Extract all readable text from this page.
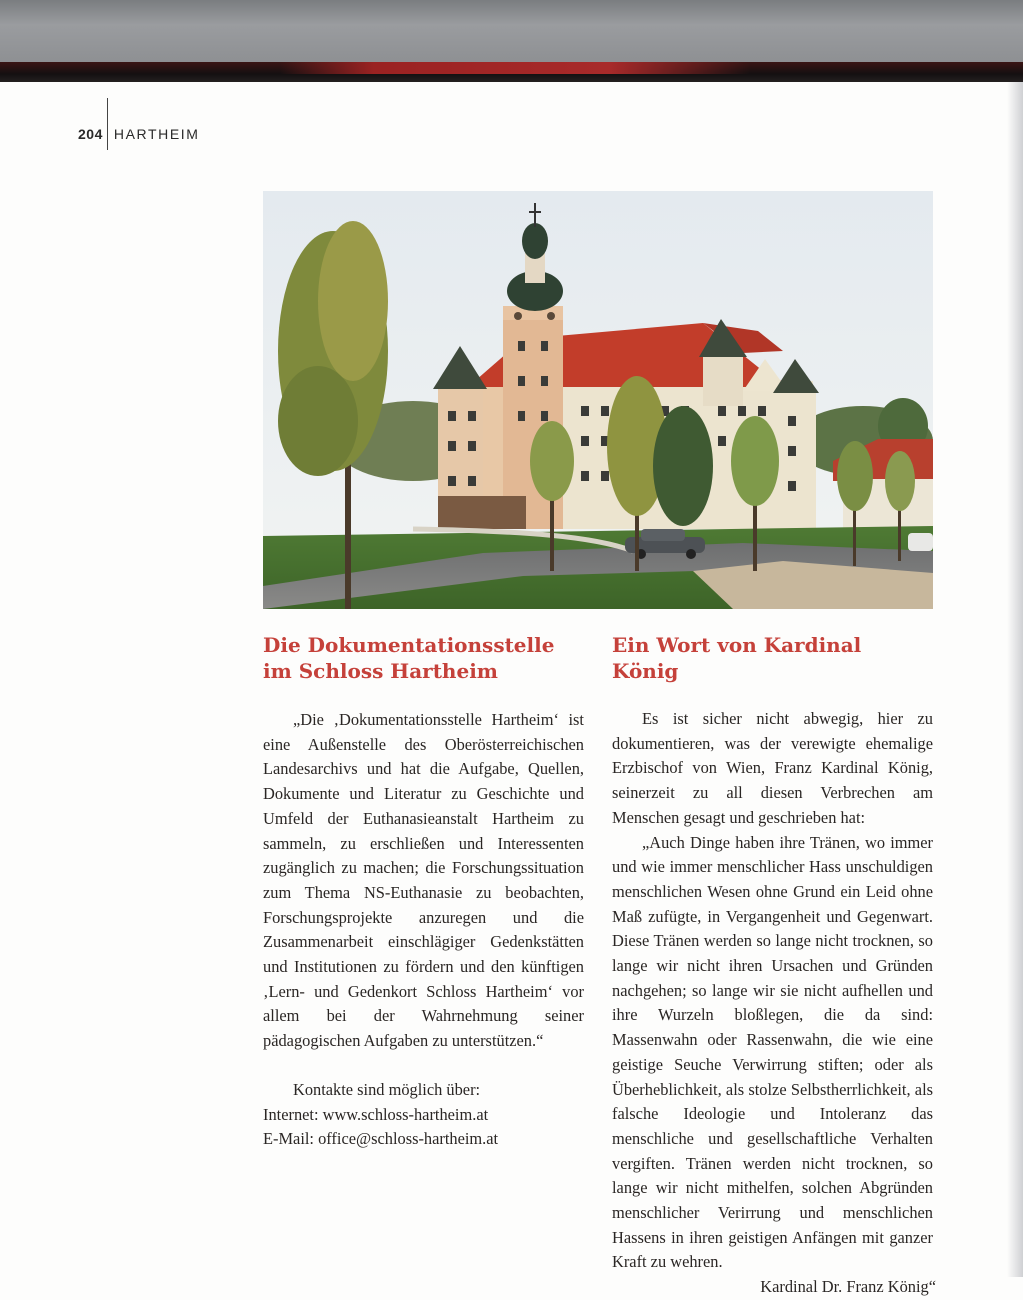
204 HARTHEIM
Die Dokumentationsstelle
im Schloss Hartheim

„Die ‚Dokumentationsstelle Hartheim‘ ist eine Außenstelle des Oberösterreichischen Landesarchivs und hat die Aufgabe, Quellen, Dokumente und Literatur zu Geschichte und Umfeld der Euthanasieanstalt Hartheim zu sammeln, zu erschließen und Interessenten zugänglich zu machen; die Forschungssituation zum Thema NS-Euthanasie zu beobachten, Forschungsprojekte anzuregen und die Zusammenarbeit einschlägiger Gedenkstätten und Institutionen zu fördern und den künftigen ‚Lern- und Gedenkort Schloss Hartheim‘ vor allem bei der Wahrnehmung seiner pädagogischen Aufgaben zu unterstützen.“

Kontakte sind möglich über:

Internet: www.schloss-hartheim.at

E-Mail: office@schloss-hartheim.at

Ein Wort von Kardinal König

Es ist sicher nicht abwegig, hier zu dokumentieren, was der verewigte ehemalige Erzbischof von Wien, Franz Kardinal König, seinerzeit zu all diesen Verbrechen am Menschen gesagt und geschrieben hat:

„Auch Dinge haben ihre Tränen, wo immer und wie immer menschlicher Hass unschuldigen menschlichen Wesen ohne Grund ein Leid ohne Maß zufügte, in Vergangenheit und Gegenwart. Diese Tränen werden so lange nicht trocknen, so lange wir nicht ihren Ursachen und Gründen nachgehen; so lange wir sie nicht aufhellen und ihre Wurzeln bloßlegen, die da sind: Massenwahn oder Rassenwahn, die wie eine geistige Seuche Verwirrung stiften; oder als Überheblichkeit, als stolze Selbstherrlichkeit, als falsche Ideologie und Intoleranz das menschliche und gesellschaftliche Verhalten vergiften. Tränen werden nicht trocknen, so lange wir nicht mithelfen, solchen Abgründen menschlicher Verirrung und menschlichen Hassens in ihren geistigen Anfängen mit ganzer Kraft zu wehren.

Kardinal Dr. Franz König“
